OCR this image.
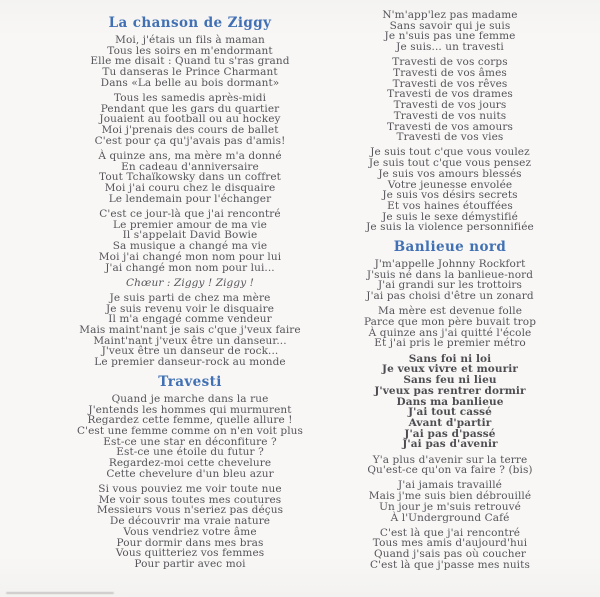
La chanson de Ziggy

Moi, j'étais un fils à maman
Tous les soirs en m'endormant
Elle me disait : Quand tu s'ras grand
Tu danseras le Prince Charmant
Dans «La belle au bois dormant»

Tous les samedis après-midi
Pendant que les gars du quartier
Jouaient au football ou au hockey
Moi j'prenais des cours de ballet
C'est pour ça qu'j'avais pas d'amis!

À quinze ans, ma mère m'a donné
En cadeau d'anniversaire
Tout Tchaïkowsky dans un coffret
Moi j'ai couru chez le disquaire
Le lendemain pour l'échanger

C'est ce jour-là que j'ai rencontré
Le premier amour de ma vie
Il s'appelait David Bowie
Sa musique a changé ma vie
Moi j'ai changé mon nom pour lui
J'ai changé mon nom pour lui...

Chœur : Ziggy ! Ziggy !

Je suis parti de chez ma mère
Je suis revenu voir le disquaire
Il m'a engagé comme vendeur
Mais maint'nant je sais c'que j'veux faire
Maint'nant j'veux être un danseur...
J'veux être un danseur de rock...
Le premier danseur-rock au monde

Travesti

Quand je marche dans la rue
J'entends les hommes qui murmurent
Regardez cette femme, quelle allure !
C'est une femme comme on n'en voit plus
Est-ce une star en déconfiture ?
Est-ce une étoile du futur ?
Regardez-moi cette chevelure
Cette chevelure d'un bleu azur

Si vous pouviez me voir toute nue
Me voir sous toutes mes coutures
Messieurs vous n'seriez pas déçus
De découvrir ma vraie nature
Vous vendriez votre âme
Pour dormir dans mes bras
Vous quitteriez vos femmes
Pour partir avec moi

N'm'app'lez pas madame
Sans savoir qui je suis
Je n'suis pas une femme
Je suis... un travesti

Travesti de vos corps
Travesti de vos âmes
Travesti de vos rêves
Travesti de vos drames
Travesti de vos jours
Travesti de vos nuits
Travesti de vos amours
Travesti de vos vies

Je suis tout c'que vous voulez
Je suis tout c'que vous pensez
Je suis vos amours blessés
Votre jeunesse envolée
Je suis vos désirs secrets
Et vos haines étouffées
Je suis le sexe démystifié
Je suis la violence personnifiée

Banlieue nord

J'm'appelle Johnny Rockfort
J'suis né dans la banlieue-nord
J'ai grandi sur les trottoirs
J'ai pas choisi d'être un zonard

Ma mère est devenue folle
Parce que mon père buvait trop
À quinze ans j'ai quitté l'école
Et j'ai pris le premier métro

Sans foi ni loi
Je veux vivre et mourir
Sans feu ni lieu
J'veux pas rentrer dormir
Dans ma banlieue
J'ai tout cassé
Avant d'partir
J'ai pas d'passé
J'ai pas d'avenir

Y'a plus d'avenir sur la terre
Qu'est-ce qu'on va faire ? (bis)

J'ai jamais travaillé
Mais j'me suis bien débrouillé
Un jour je m'suis retrouvé
À l'Underground Café

C'est là que j'ai rencontré
Tous mes amis d'aujourd'hui
Quand j'sais pas où coucher
C'est là que j'passe mes nuits
